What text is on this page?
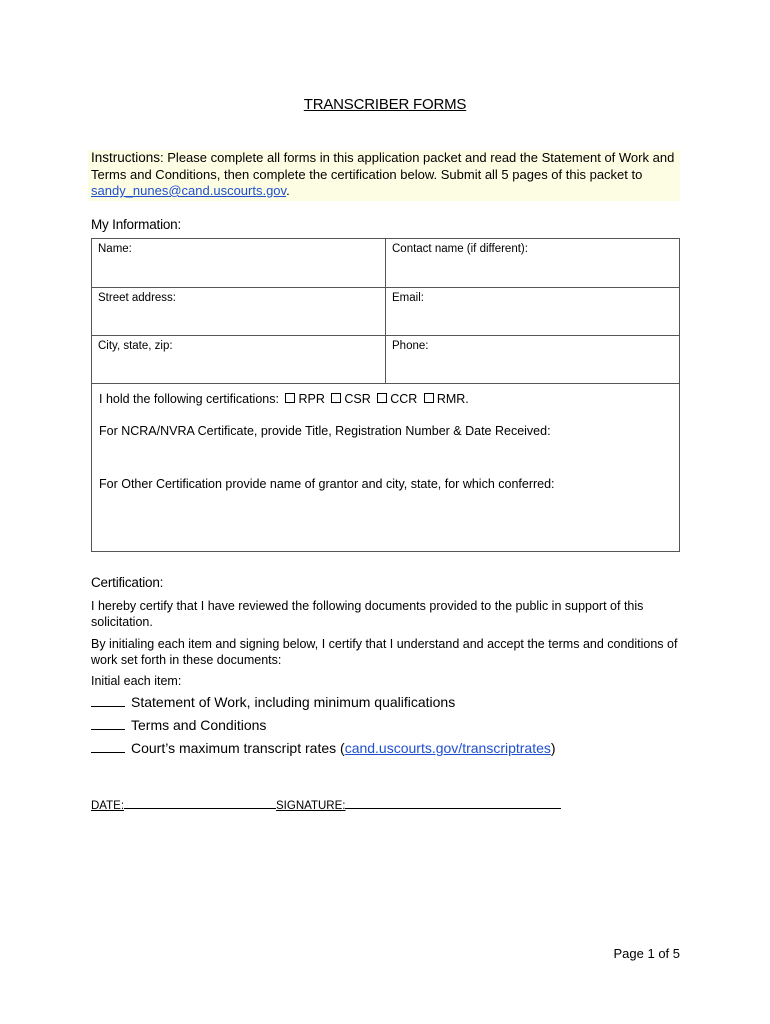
TRANSCRIBER FORMS
Instructions: Please complete all forms in this application packet and read the Statement of Work and Terms and Conditions, then complete the certification below. Submit all 5 pages of this packet to sandy_nunes@cand.uscourts.gov.
My Information:
Name:	Contact name (if different):

Street address:	Email:

City, state, zip:	Phone:

I hold the following certifications: RPR CSR CCR RMR.
For NCRA/NVRA Certificate, provide Title, Registration Number & Date Received:
For Other Certification provide name of grantor and city, state, for which conferred:	
Certification:
I hereby certify that I have reviewed the following documents provided to the public in support of this solicitation.
By initialing each item and signing below, I certify that I understand and accept the terms and conditions of work set forth in these documents:
Initial each item:
Statement of Work, including minimum qualifications
Terms and Conditions
Court’s maximum transcript rates (cand.uscourts.gov/transcriptrates)
DATE:	SIGNATURE:
Page 1 of 5
